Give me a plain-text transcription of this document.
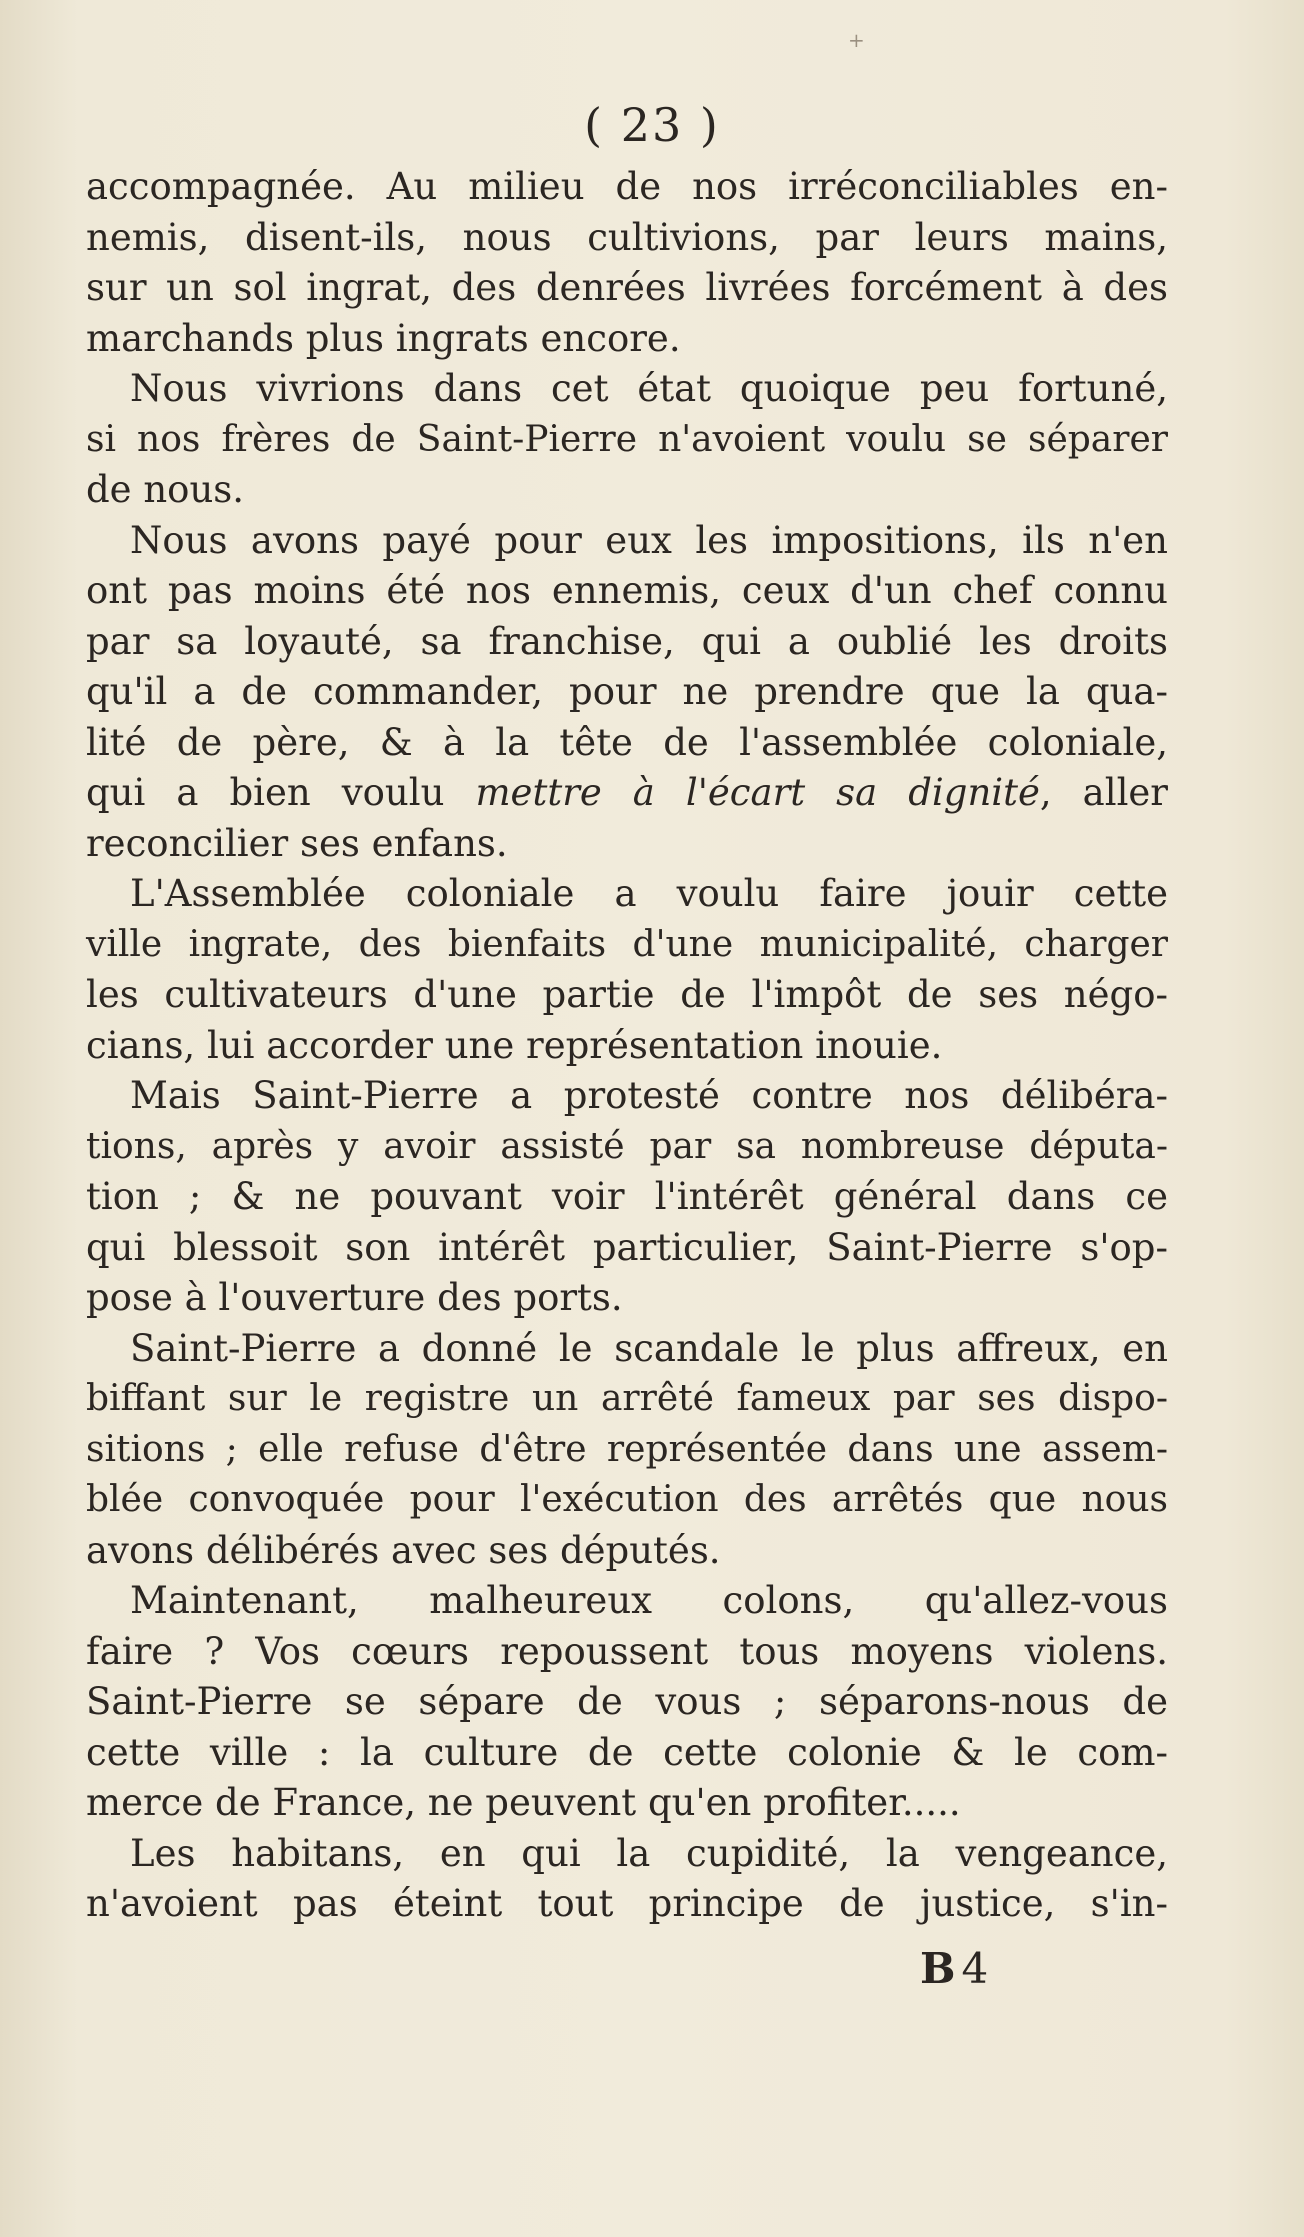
+
( 23 )

accompagnée. Au milieu de nos irréconciliables en-

nemis, disent-ils, nous cultivions, par leurs mains,

sur un sol ingrat, des denrées livrées forcément à des

marchands plus ingrats encore.

Nous vivrions dans cet état quoique peu fortuné,

si nos frères de Saint-Pierre n'avoient voulu se séparer

de nous.

Nous avons payé pour eux les impositions, ils n'en

ont pas moins été nos ennemis, ceux d'un chef connu

par sa loyauté, sa franchise, qui a oublié les droits

qu'il a de commander, pour ne prendre que la qua-

lité de père, & à la tête de l'assemblée coloniale,

qui a bien voulu mettre à l'écart sa dignité, aller

reconcilier ses enfans.

L'Assemblée coloniale a voulu faire jouir cette

ville ingrate, des bienfaits d'une municipalité, charger

les cultivateurs d'une partie de l'impôt de ses négo-

cians, lui accorder une représentation inouie.

Mais Saint-Pierre a protesté contre nos délibéra-

tions, après y avoir assisté par sa nombreuse députa-

tion ; & ne pouvant voir l'intérêt général dans ce

qui blessoit son intérêt particulier, Saint-Pierre s'op-

pose à l'ouverture des ports.

Saint-Pierre a donné le scandale le plus affreux, en

biffant sur le registre un arrêté fameux par ses dispo-

sitions ; elle refuse d'être représentée dans une assem-

blée convoquée pour l'exécution des arrêtés que nous

avons délibérés avec ses députés.

Maintenant, malheureux colons, qu'allez-vous

faire ? Vos cœurs repoussent tous moyens violens.

Saint-Pierre se sépare de vous ; séparons-nous de

cette ville : la culture de cette colonie & le com-

merce de France, ne peuvent qu'en profiter.....

Les habitans, en qui la cupidité, la vengeance,

n'avoient pas éteint tout principe de justice, s'in-

B 4
